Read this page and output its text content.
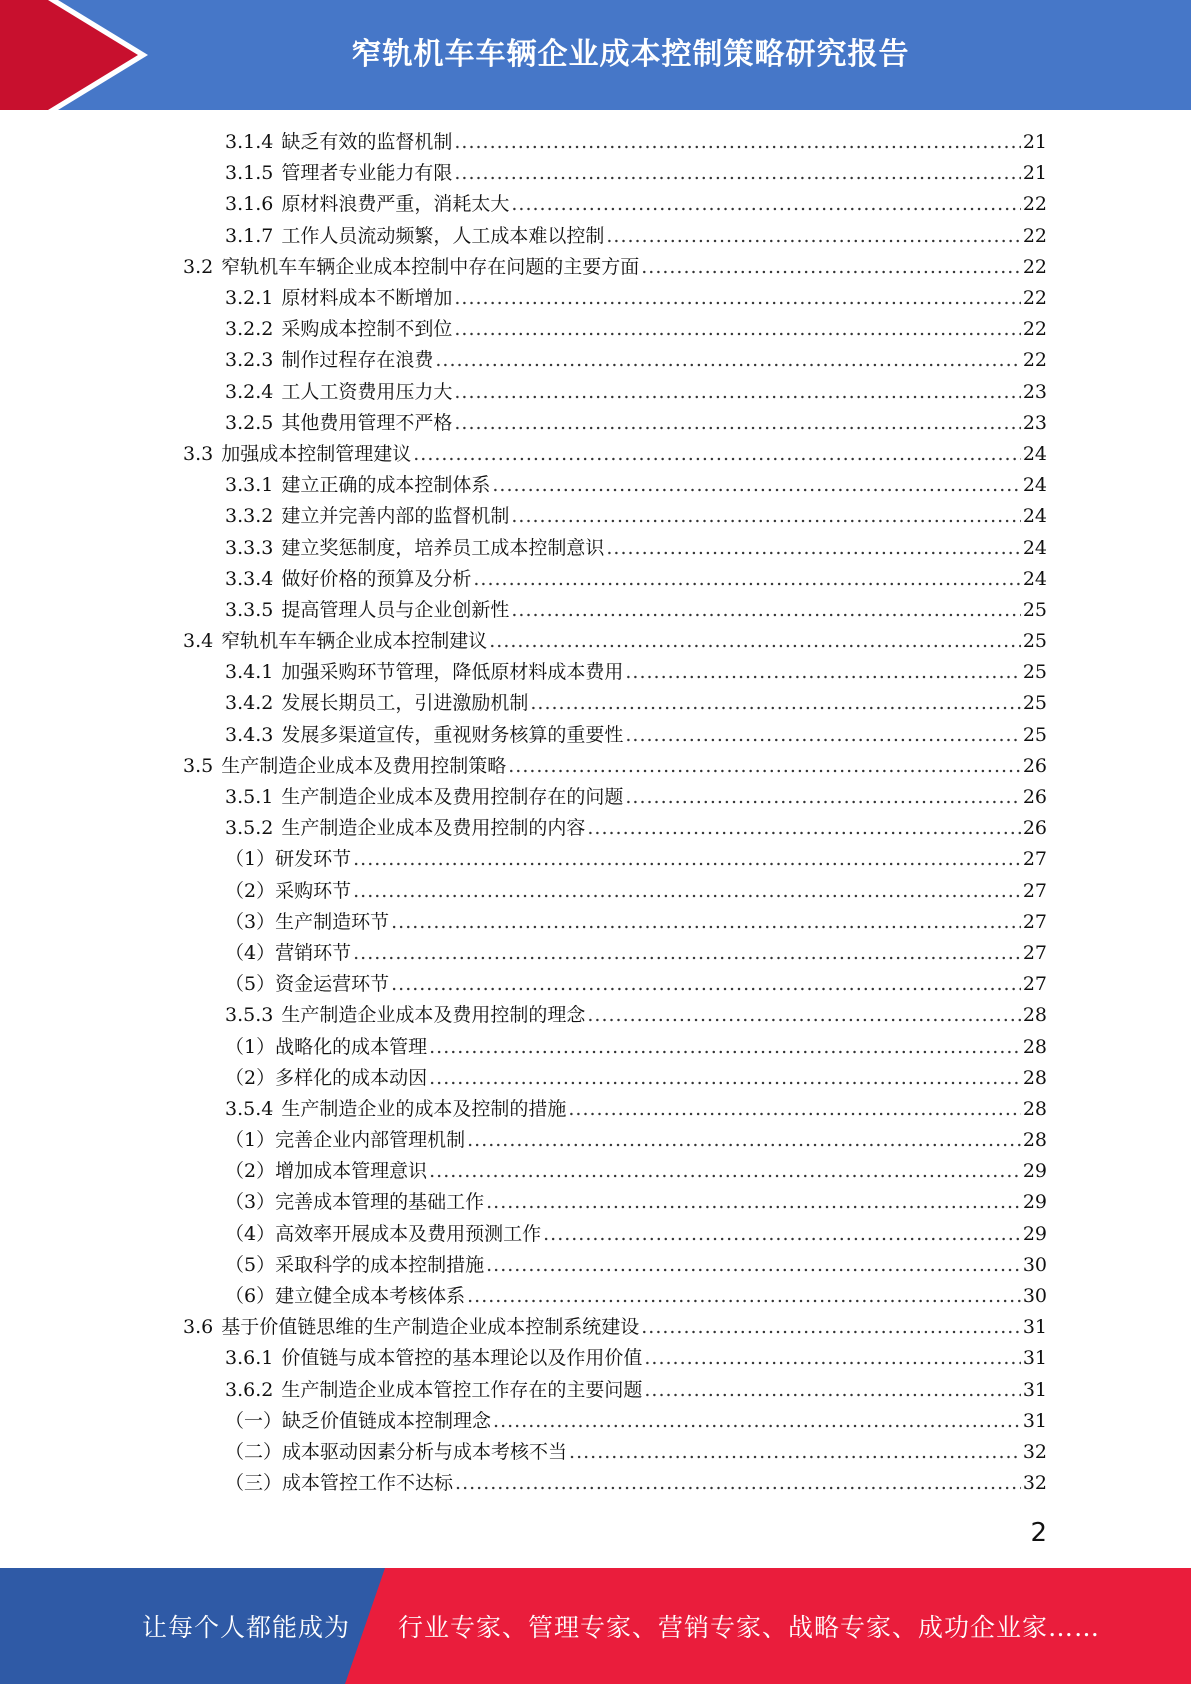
窄轨机车车辆企业成本控制策略研究报告
3.1.4 缺乏有效的监督机制 .....	21
3.1.5 管理者专业能力有限 .....	21
3.1.6 原材料浪费严重，消耗太大 .....	22
3.1.7 工作人员流动频繁，人工成本难以控制 .....	22
3.2 窄轨机车车辆企业成本控制中存在问题的主要方面 .....	22
3.2.1 原材料成本不断增加 .....	22
3.2.2 采购成本控制不到位 .....	22
3.2.3 制作过程存在浪费 .....	22
3.2.4 工人工资费用压力大 .....	23
3.2.5 其他费用管理不严格 .....	23
3.3 加强成本控制管理建议 .....	24
3.3.1 建立正确的成本控制体系 .....	24
3.3.2 建立并完善内部的监督机制 .....	24
3.3.3 建立奖惩制度，培养员工成本控制意识 .....	24
3.3.4 做好价格的预算及分析 .....	24
3.3.5 提高管理人员与企业创新性 .....	25
3.4 窄轨机车车辆企业成本控制建议 .....	25
3.4.1 加强采购环节管理，降低原材料成本费用 .....	25
3.4.2 发展长期员工，引进激励机制 .....	25
3.4.3 发展多渠道宣传，重视财务核算的重要性 .....	25
3.5 生产制造企业成本及费用控制策略 .....	26
3.5.1 生产制造企业成本及费用控制存在的问题 .....	26
3.5.2 生产制造企业成本及费用控制的内容 .....	26
（1） 研发环节 .....	27
（2） 采购环节 .....	27
（3） 生产制造环节 .....	27
（4） 营销环节 .....	27
（5） 资金运营环节 .....	27
3.5.3 生产制造企业成本及费用控制的理念 .....	28
（1） 战略化的成本管理 .....	28
（2） 多样化的成本动因 .....	28
3.5.4 生产制造企业的成本及控制的措施 .....	28
（1） 完善企业内部管理机制 .....	28
（2） 增加成本管理意识 .....	29
（3） 完善成本管理的基础工作 .....	29
（4） 高效率开展成本及费用预测工作 .....	29
（5） 采取科学的成本控制措施 .....	30
（6） 建立健全成本考核体系 .....	30
3.6 基于价值链思维的生产制造企业成本控制系统建设 .....	31
3.6.1 价值链与成本管控的基本理论以及作用价值 .....	31
3.6.2 生产制造企业成本管控工作存在的主要问题 .....	31
（一） 缺乏价值链成本控制理念 .....	31
（二） 成本驱动因素分析与成本考核不当 .....	32
（三） 成本管控工作不达标 .....	32
2
让每个人都能成为 行业专家、管理专家、营销专家、战略专家、成功企业家……
